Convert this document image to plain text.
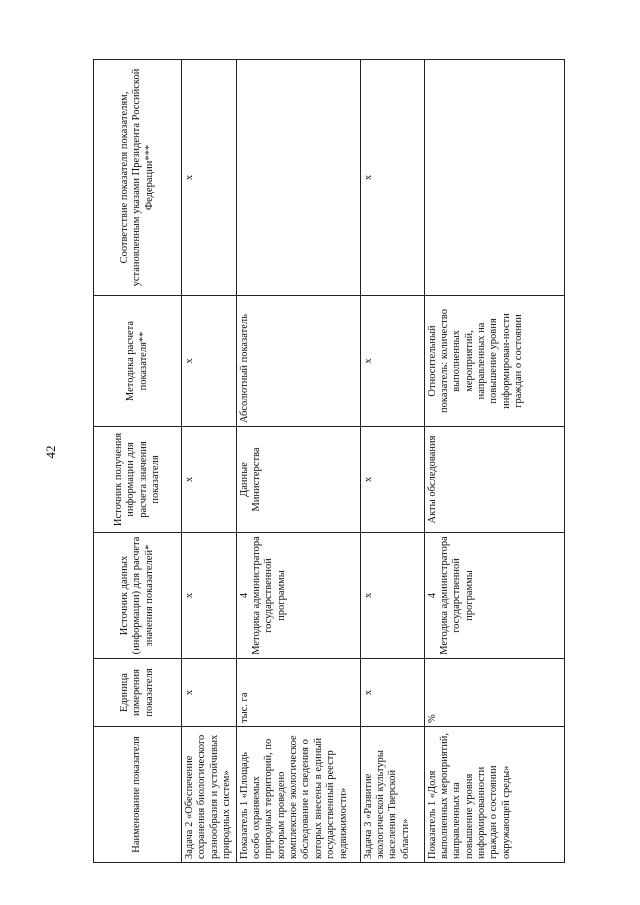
42
Наименование показателя	Единица измерения показателя	Источник данных (информации) для расчета значения показателей*	Источник получения информации для расчета значения показателя	Методика расчета показателя**	Соответствие показателя показателям, установленным указами Президента Российской Федерации***
Задача 2 «Обеспечение сохранения биологического разнообразия и устойчивых природных систем»	х	х	х	х	х
Показатель 1 «Площадь особо охраняемых природных территорий, по которым проведено комплексное экологическое обследование и сведения о которых внесены в единый государственный реестр недвижимости»	тыс. га	4 Методика администратора государственной программы	Данные Министерства	Абсолютный показатель	
Задача 3 «Развитие экологической культуры населения Тверской области»	х	х	х	х	х
Показатель 1 «Доля выполненных мероприятий, направленных на повышение уровня информированности граждан о состоянии окружающей среды»	%	4 Методика администратора государственной программы	Акты обследования	Относительный показатель: количество выполненных мероприятий, направленных на повышение уровня информирован-ности граждан о состоянии	
